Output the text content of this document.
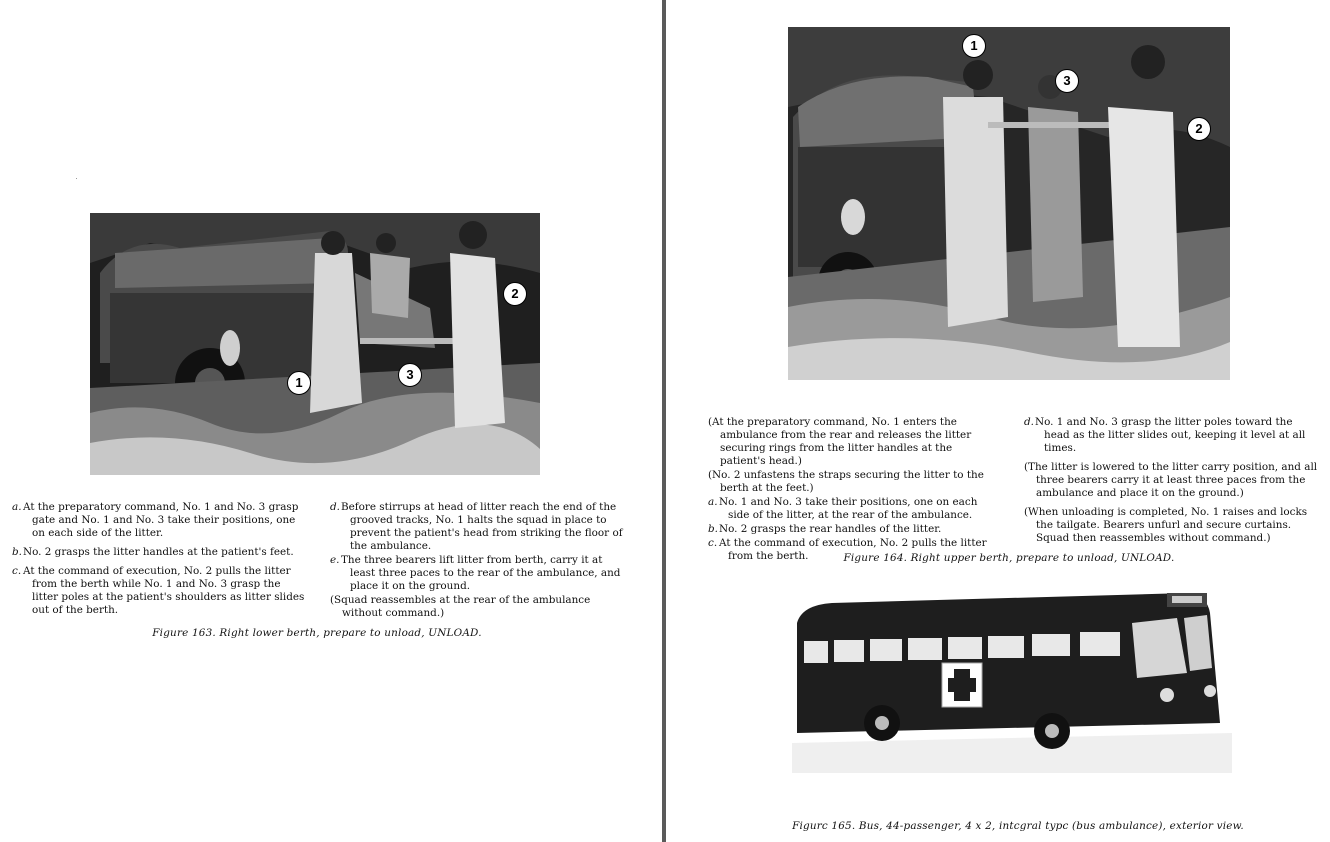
1
2
3
a. At the preparatory command, No. 1 and No. 3 grasp gate and No. 1 and No. 3 take their positions, one on each side of the litter.
b. No. 2 grasps the litter handles at the patient's feet.
c. At the command of execution, No. 2 pulls the litter from the berth while No. 1 and No. 3 grasp the litter poles at the patient's shoulders as litter slides out of the berth.
d. Before stirrups at head of litter reach the end of the grooved tracks, No. 1 halts the squad in place to prevent the patient's head from striking the floor of the ambulance.
e. The three bearers lift litter from berth, carry it at least three paces to the rear of the ambulance, and place it on the ground.
(Squad reassembles at the rear of the ambulance without command.)
Figure 163. Right lower berth, prepare to unload, UNLOAD.
1
3
2
(At the preparatory command, No. 1 enters the ambulance from the rear and releases the litter securing rings from the litter handles at the patient's head.)
(No. 2 unfastens the straps securing the litter to the berth at the feet.)
a. No. 1 and No. 3 take their positions, one on each side of the litter, at the rear of the ambulance.
b. No. 2 grasps the rear handles of the litter.
c. At the command of execution, No. 2 pulls the litter from the berth.
d. No. 1 and No. 3 grasp the litter poles toward the head as the litter slides out, keeping it level at all times.
(The litter is lowered to the litter carry position, and all three bearers carry it at least three paces from the ambulance and place it on the ground.)
(When unloading is completed, No. 1 raises and locks the tailgate. Bearers unfurl and secure curtains. Squad then reassembles without command.)
Figure 164. Right upper berth, prepare to unload, UNLOAD.
Figurc 165. Bus, 44-passenger, 4 x 2, intcgral typc (bus ambulance), exterior view.
